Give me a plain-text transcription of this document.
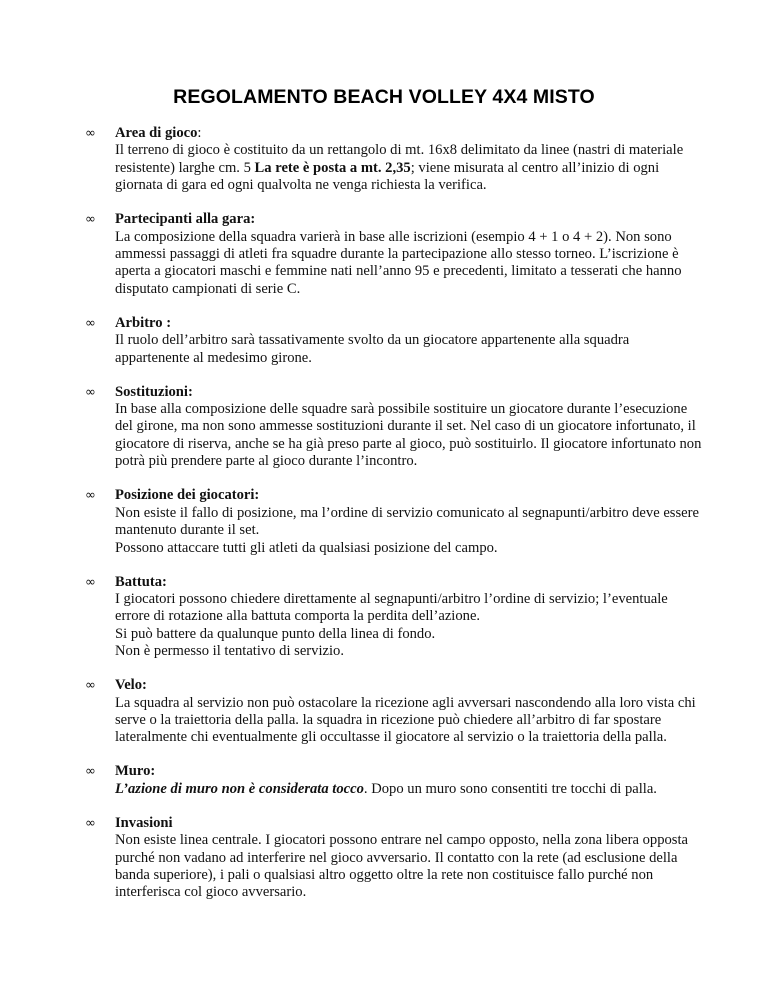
REGOLAMENTO BEACH VOLLEY 4X4 MISTO
∞ Area di gioco:
Il terreno di gioco è costituito da un rettangolo di mt. 16x8 delimitato da linee (nastri di materiale resistente) larghe cm. 5 La rete è posta a mt. 2,35; viene misurata al centro all’inizio di ogni giornata di gara ed ogni qualvolta ne venga richiesta la verifica.
∞ Partecipanti alla gara:
La composizione della squadra varierà in base alle iscrizioni (esempio 4 + 1 o 4 + 2). Non sono ammessi passaggi di atleti fra squadre durante la partecipazione allo stesso torneo. L’iscrizione è aperta a giocatori maschi e femmine nati nell’anno 95 e precedenti, limitato a tesserati che hanno disputato campionati di serie C.
∞ Arbitro :
Il ruolo dell’arbitro sarà tassativamente svolto da un giocatore appartenente alla squadra appartenente al medesimo girone.
∞ Sostituzioni:
In base alla composizione delle squadre sarà possibile sostituire un giocatore durante l’esecuzione del girone, ma non sono ammesse sostituzioni durante il set. Nel caso di un giocatore infortunato, il giocatore di riserva, anche se ha già preso parte al gioco, può sostituirlo. Il giocatore infortunato non potrà più prendere parte al gioco durante l’incontro.
∞ Posizione dei giocatori:
Non esiste il fallo di posizione, ma l’ordine di servizio comunicato al segnapunti/arbitro deve essere mantenuto durante il set.
Possono attaccare tutti gli atleti da qualsiasi posizione del campo.
∞ Battuta:
I giocatori possono chiedere direttamente al segnapunti/arbitro l’ordine di servizio; l’eventuale errore di rotazione alla battuta comporta la perdita dell’azione.
Si può battere da qualunque punto della linea di fondo.
Non è permesso il tentativo di servizio.
∞ Velo:
La squadra al servizio non può ostacolare la ricezione agli avversari nascondendo alla loro vista chi serve o la traiettoria della palla. la squadra in ricezione può chiedere all’arbitro di far spostare lateralmente chi eventualmente gli occultasse il giocatore al servizio o la traiettoria della palla.
∞ Muro:
L’azione di muro non è considerata tocco. Dopo un muro sono consentiti tre tocchi di palla.
∞ Invasioni
Non esiste linea centrale. I giocatori possono entrare nel campo opposto, nella zona libera opposta purché non vadano ad interferire nel gioco avversario. Il contatto con la rete (ad esclusione della banda superiore), i pali o qualsiasi altro oggetto oltre la rete non costituisce fallo purché non interferisca col gioco avversario.
